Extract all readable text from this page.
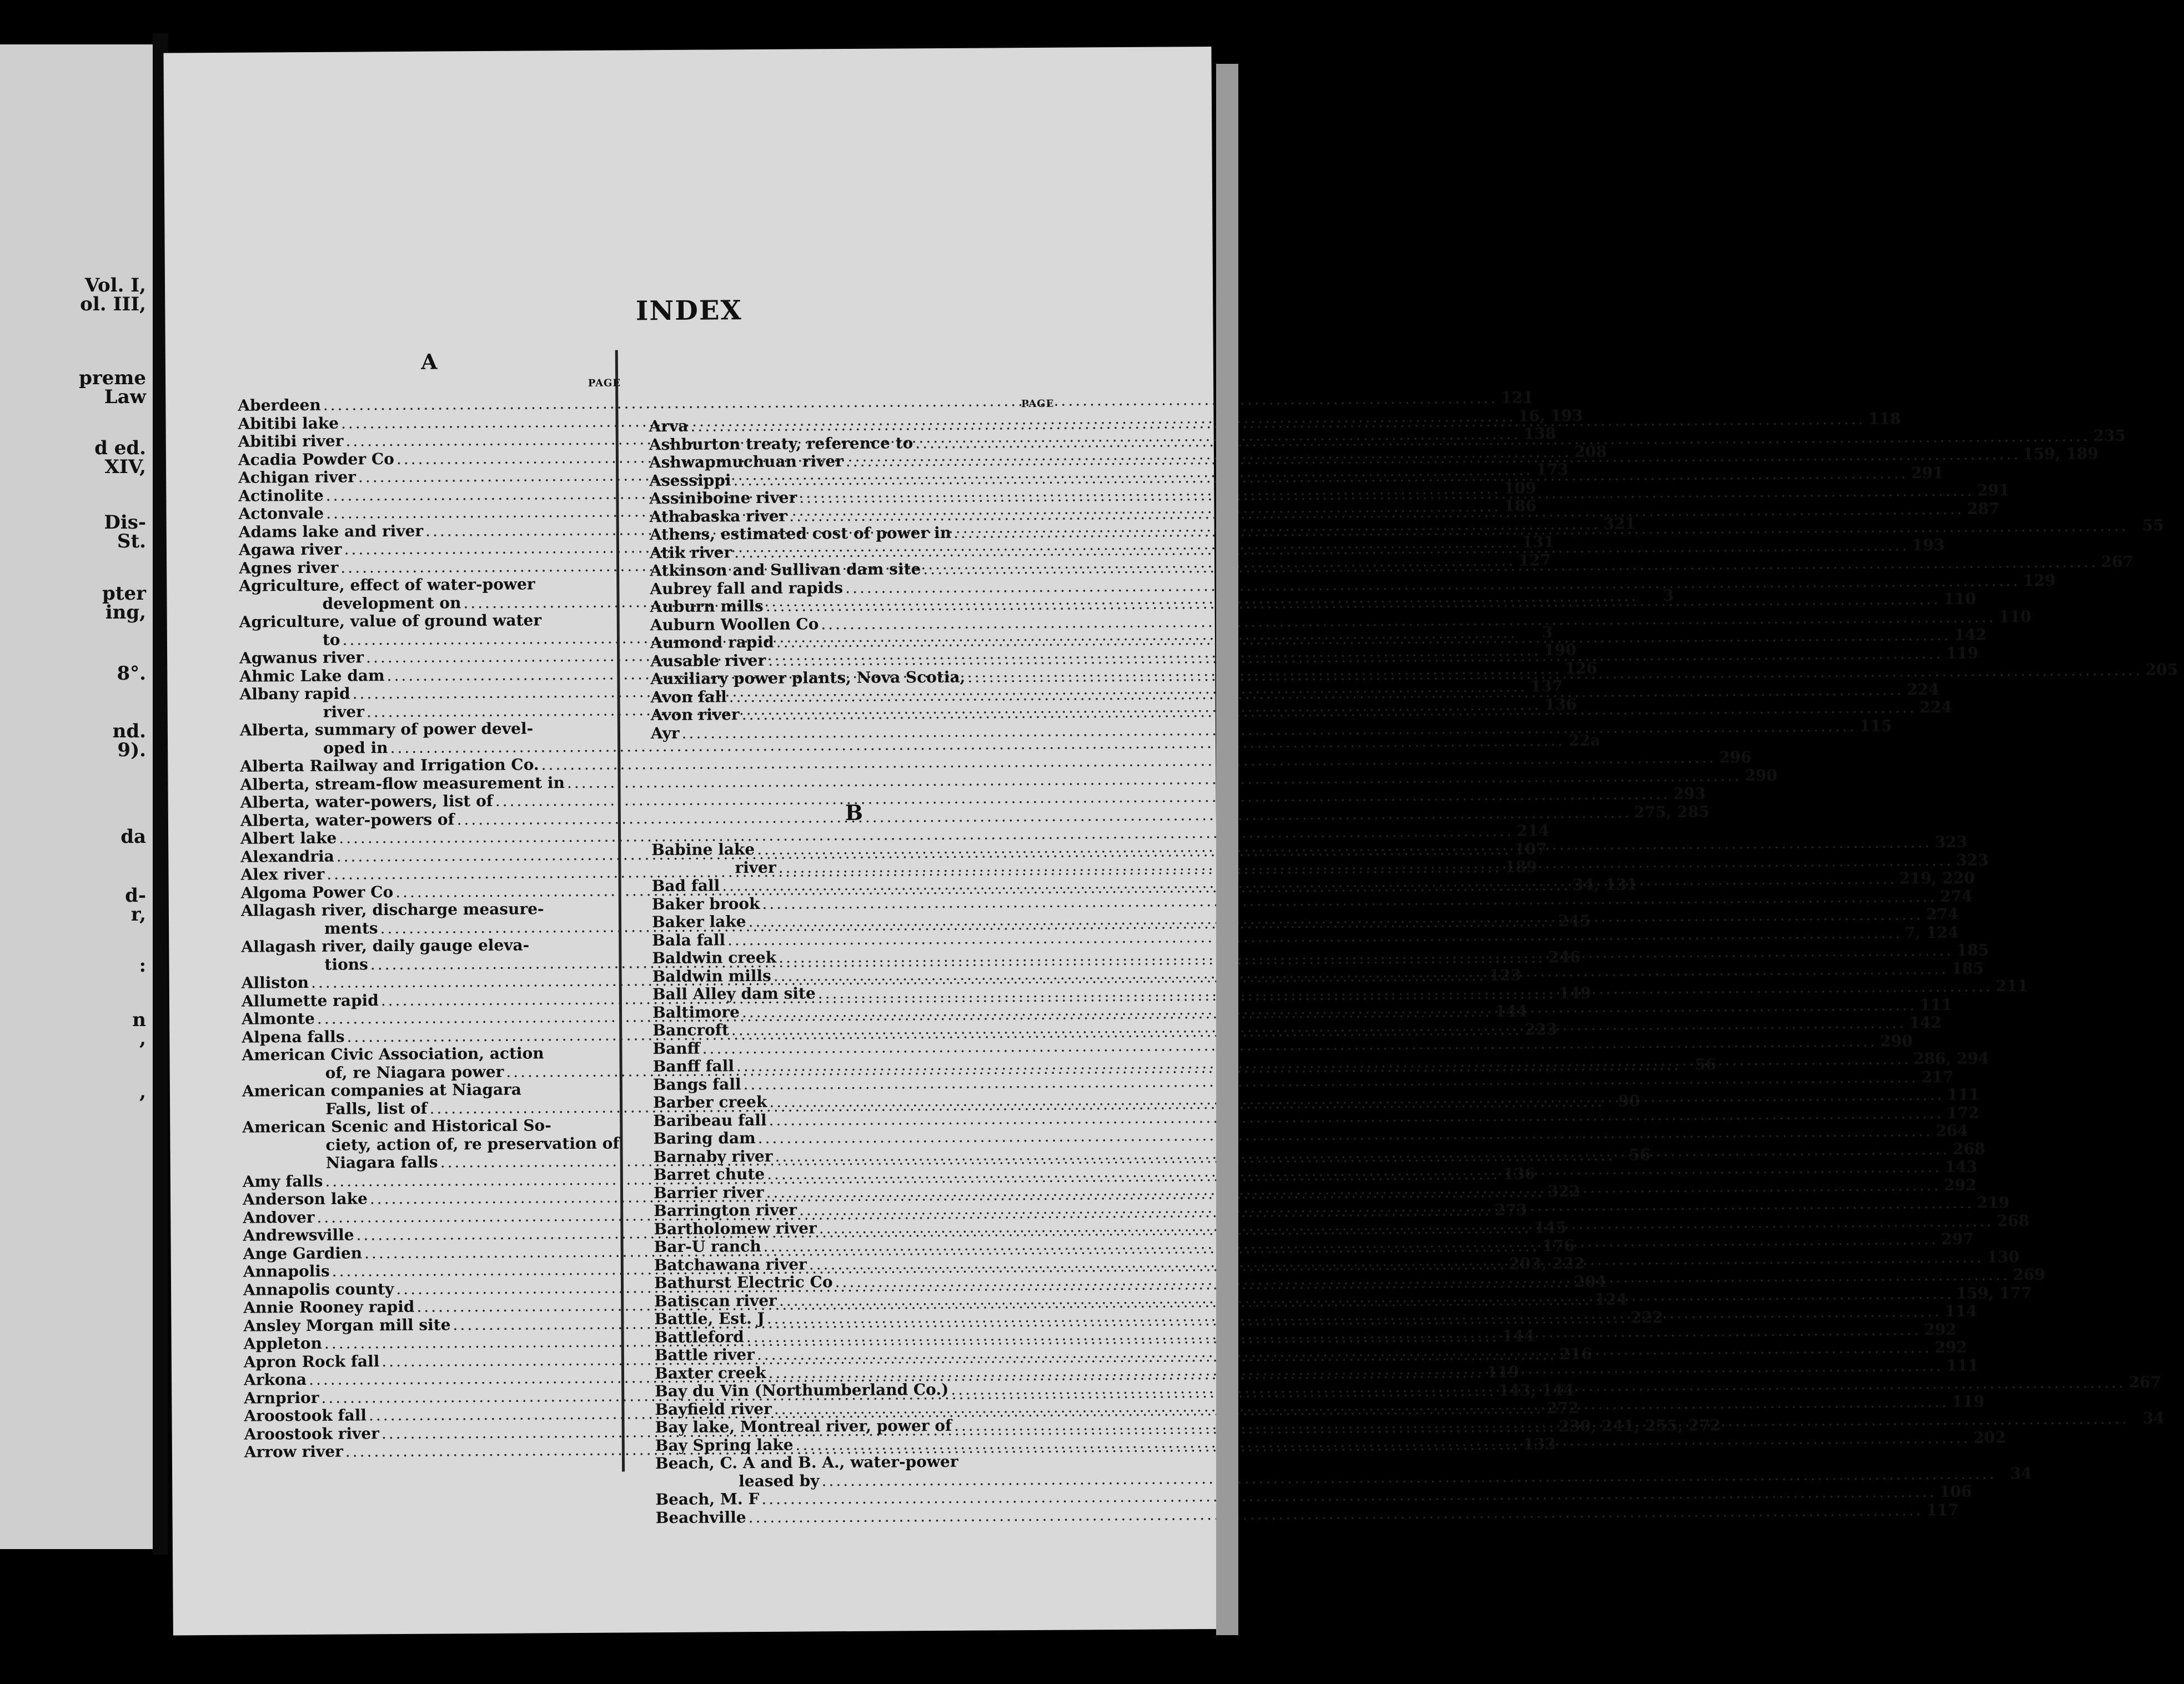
Vol. I,
ol. III,
preme
Law
d ed.
XIV,
Dis-
St.
pter
ing,
8°.
nd.
9).
da
d-
r,
:
n
,
,
INDEX
A
PAGE
Aberdeen .....	121
Abitibi lake .....	16, 193
Abitibi river .....	138
Acadia Powder Co .....	208
Achigan river .....	173
Actinolite .....	109
Actonvale .....	186
Adams lake and river .....	321
Agawa river .....	131
Agnes river .....	127
Agriculture, effect of water-power
development on .....	3
Agriculture, value of ground water
to .....	3
Agwanus river .....	190
Ahmic Lake dam .....	126
Albany rapid .....	137
river .....	136
Alberta, summary of power devel-
oped in .....	22a
Alberta Railway and Irrigation Co. .....	296
Alberta, stream-flow measurement in .....	290
Alberta, water-powers, list of .....	293
Alberta, water-powers of .....	275, 285
Albert lake .....	214
Alexandria .....	107
Alex river .....	189
Algoma Power Co .....	34, 131
Allagash river, discharge measure-
ments .....	245
Allagash river, daily gauge eleva-
tions .....	246
Alliston .....	123
Allumette rapid .....	149
Almonte .....	144
Alpena falls .....	223
American Civic Association, action
of, re Niagara power .....	56
American companies at Niagara
Falls, list of .....	90
American Scenic and Historical So-
ciety, action of, re preservation of
Niagara falls .....	56
Amy falls .....	136
Anderson lake .....	322
Andover .....	273
Andrewsville .....	145
Ange Gardien .....	176
Annapolis .....	203, 222
Annapolis county .....	204
Annie Rooney rapid .....	124
Ansley Morgan mill site .....	222
Appleton .....	144
Apron Rock fall .....	216
Arkona .....	119
Arnprior .....	143, 144
Aroostook fall .....	272
Aroostook river .....	230, 241, 255, 272
Arrow river .....	133
PAGE
Arva .....	118
Ashburton treaty, reference to .....	235
Ashwapmuchuan river .....	159, 189
Asessippi .....	291
Assiniboine river .....	291
Athabaska river .....	287
Athens, estimated cost of power in .....	55
Atik river .....	193
Atkinson and Sullivan dam site .....	267
Aubrey fall and rapids .....	129
Auburn mills .....	110
Auburn Woollen Co .....	110
Aumond rapid .....	142
Ausable river .....	119
Auxiliary power plants, Nova Scotia, .....	205
Avon fall .....	224
Avon river .....	224
Ayr .....	115
B
Babine lake .....	323
river .....	323
Bad fall .....	219, 220
Baker brook .....	274
Baker lake .....	274
Bala fall .....	7, 124
Baldwin creek .....	185
Baldwin mills .....	185
Ball Alley dam site .....	211
Baltimore .....	111
Bancroft .....	142
Banff .....	290
Banff fall .....	286, 294
Bangs fall .....	217
Barber creek .....	111
Baribeau fall .....	172
Baring dam .....	264
Barnaby river .....	268
Barret chute .....	143
Barrier river .....	292
Barrington river .....	219
Bartholomew river .....	268
Bar-U ranch .....	297
Batchawana river .....	130
Bathurst Electric Co .....	269
Batiscan river .....	159, 177
Battle, Est. J .....	114
Battleford .....	292
Battle river .....	292
Baxter creek .....	111
Bay du Vin (Northumberland Co.) .....	267
Bayfield river .....	119
Bay lake, Montreal river, power of .....	34
Bay Spring lake .....	202
Beach, C. A and B. A., water-power
leased by .....	34
Beach, M. F .....	106
Beachville .....	117
